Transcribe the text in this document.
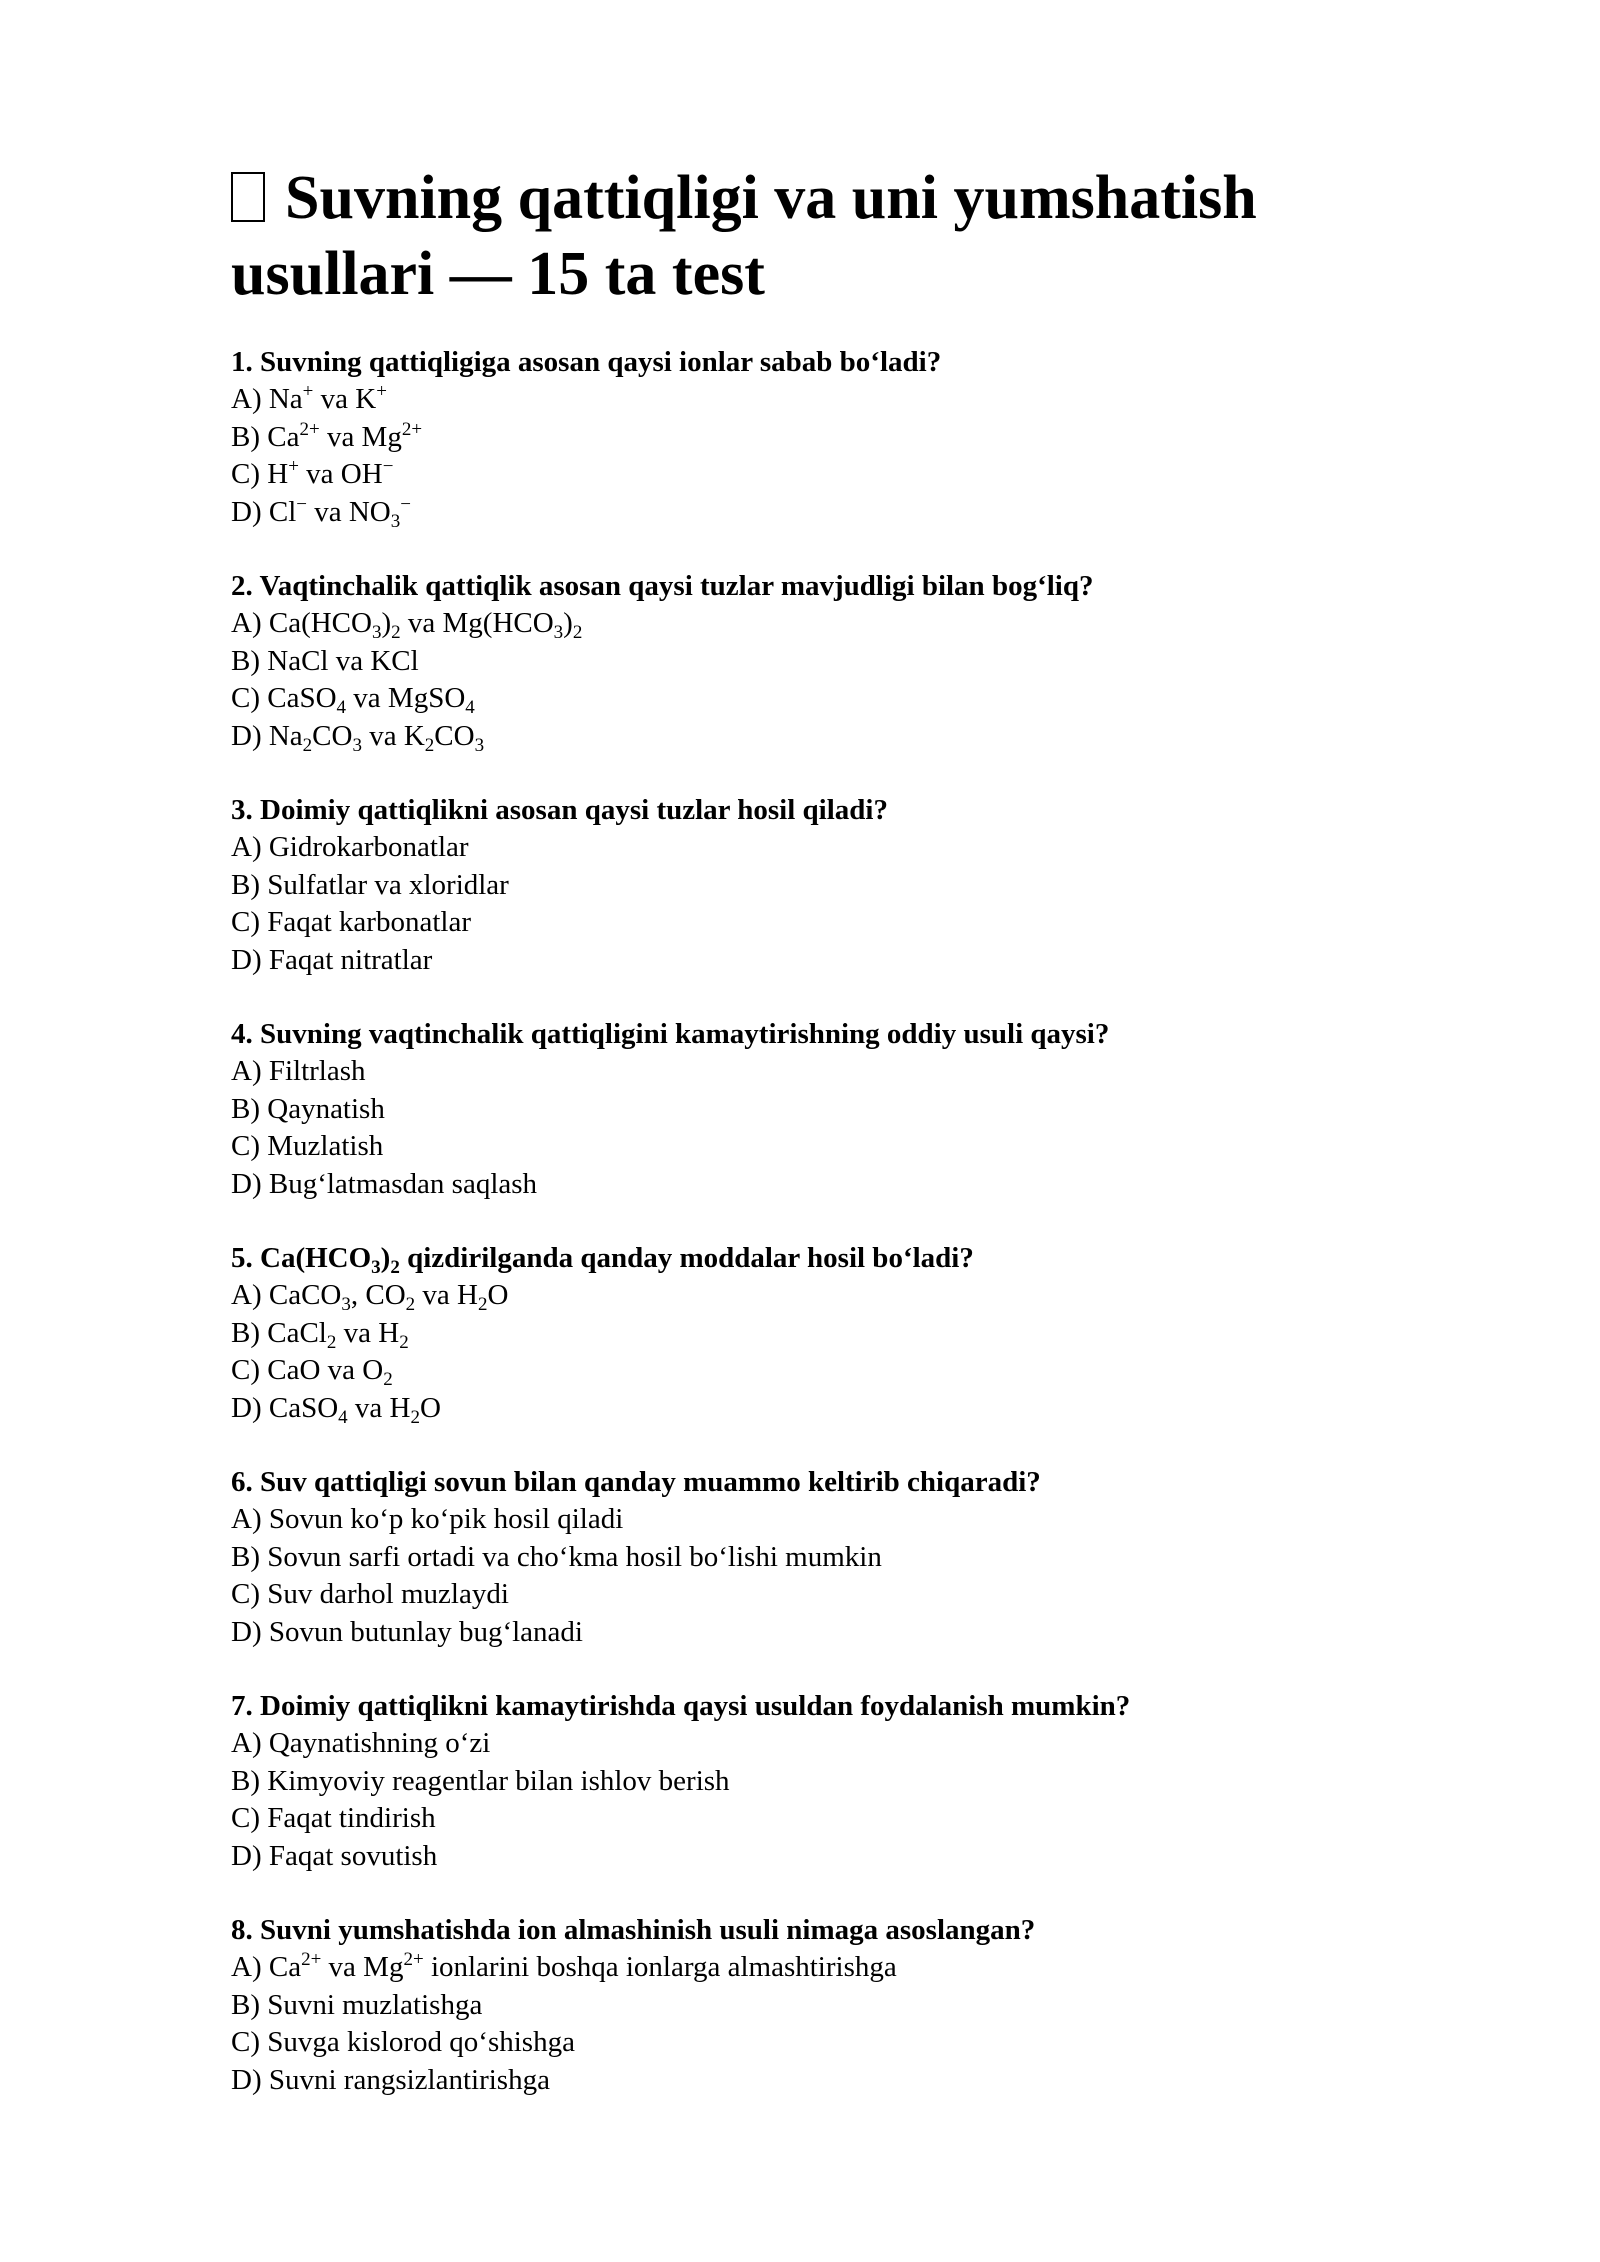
Suvning qattiqligi va uni yumshatish usullari — 15 ta test

1. Suvning qattiqligiga asosan qaysi ionlar sabab bo‘ladi?

A) Na+ va K+

B) $Ca^{2+}$ va $Mg^{2+}$

C) H+ va OH−

D) Cl− va $NO_3^-$

2. Vaqtinchalik qattiqlik asosan qaysi tuzlar mavjudligi bilan bog‘liq?

A) $Ca(HCO_3)_2$ va $Mg(HCO_3)_2$

B) NaCl va KCl

C) CaSO$_4$ va MgSO$_4$

D) $Na_2CO_3$ va $K_2CO_3$

3. Doimiy qattiqlikni asosan qaysi tuzlar hosil qiladi?

A) Gidrokarbonatlar

B) Sulfatlar va xloridlar

C) Faqat karbonatlar

D) Faqat nitratlar

4. Suvning vaqtinchalik qattiqligini kamaytirishning oddiy usuli qaysi?

A) Filtrlash

B) Qaynatish

C) Muzlatish

D) Bug‘latmasdan saqlash

5. $Ca(HCO_3)_2$ qizdirilganda qanday moddalar hosil bo‘ladi?

A) CaCO$_3$, $CO_2$ va $H_2O$

B) CaCl$_2$ va $H_2$

C) CaO va $O_2$

D) CaSO$_4$ va $H_2O$

6. Suv qattiqligi sovun bilan qanday muammo keltirib chiqaradi?

A) Sovun ko‘p ko‘pik hosil qiladi

B) Sovun sarfi ortadi va cho‘kma hosil bo‘lishi mumkin

C) Suv darhol muzlaydi

D) Sovun butunlay bug‘lanadi

7. Doimiy qattiqlikni kamaytirishda qaysi usuldan foydalanish mumkin?

A) Qaynatishning o‘zi

B) Kimyoviy reagentlar bilan ishlov berish

C) Faqat tindirish

D) Faqat sovutish

8. Suvni yumshatishda ion almashinish usuli nimaga asoslangan?

A) $Ca^{2+}$ va $Mg^{2+}$ ionlarini boshqa ionlarga almashtirishga

B) Suvni muzlatishga

C) Suvga kislorod qo‘shishga

D) Suvni rangsizlantirishga
